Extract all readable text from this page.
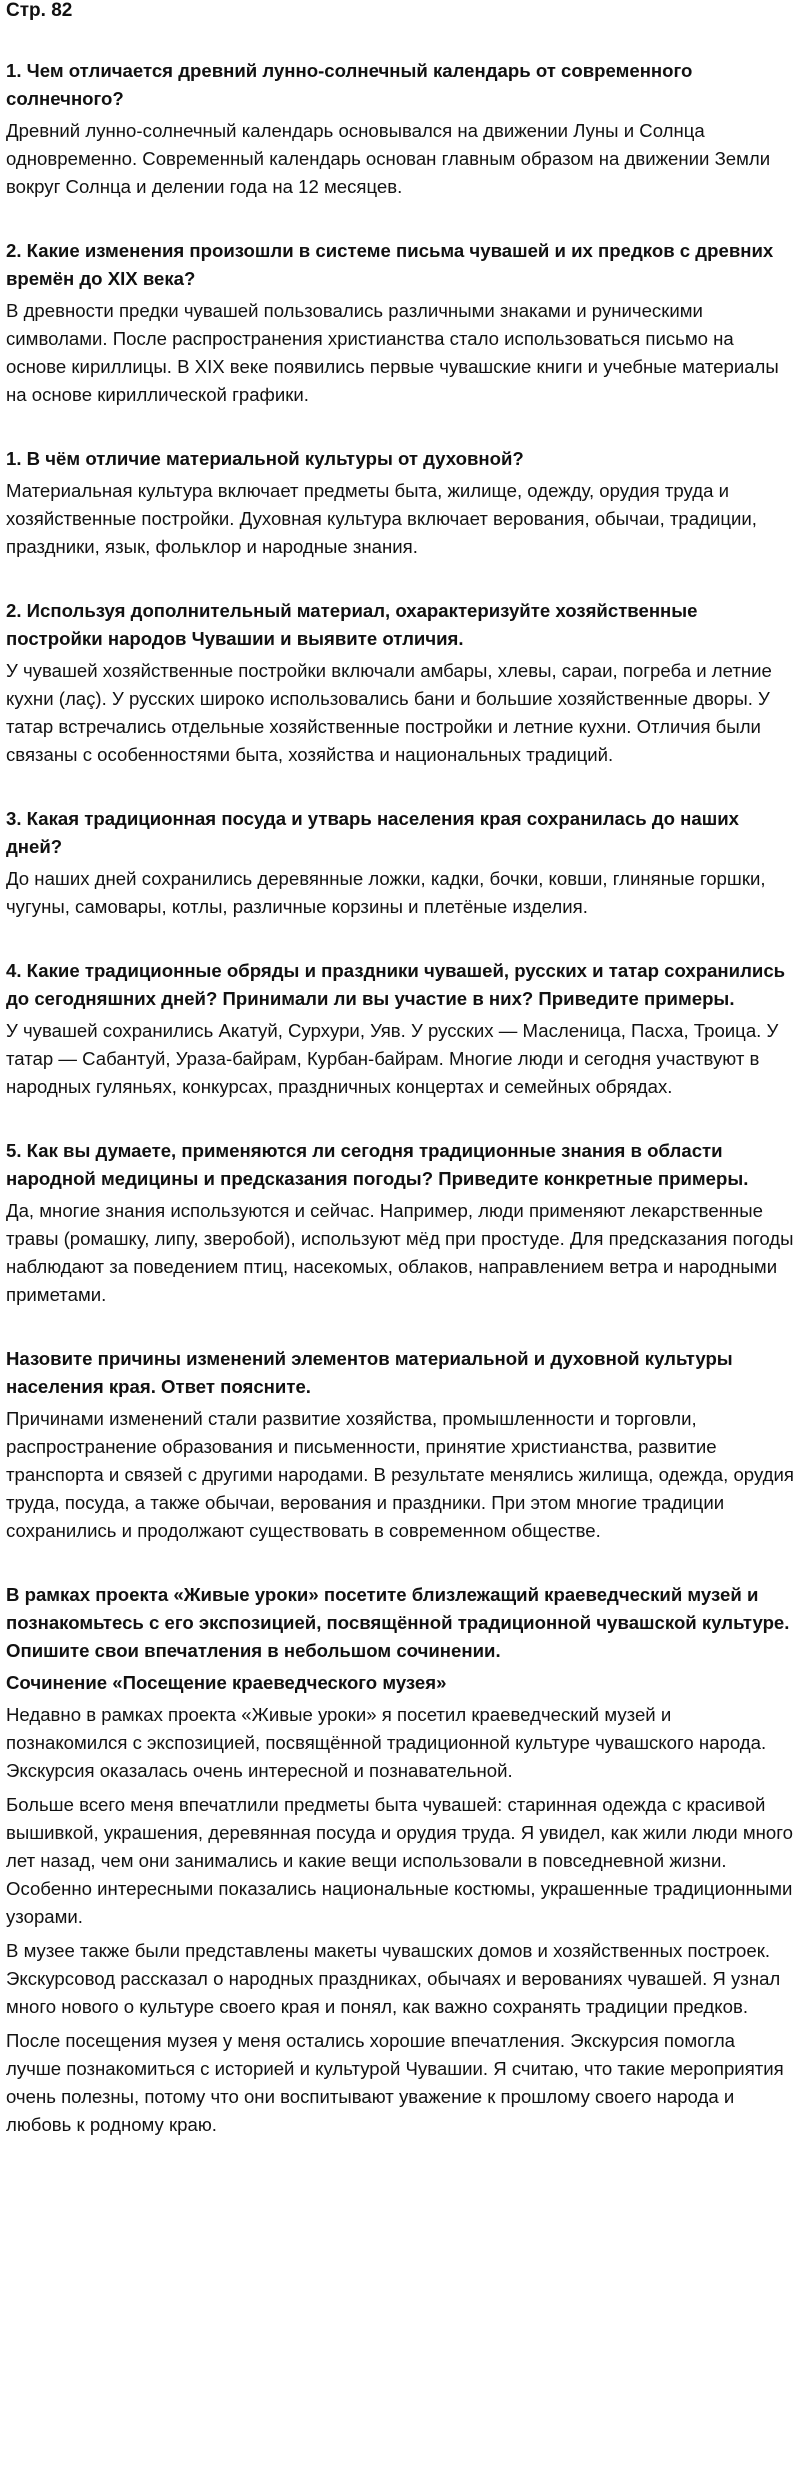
Стр. 82

1. Чем отличается древний лунно-солнечный календарь от современного солнечного?

Древний лунно-солнечный календарь основывался на движении Луны и Солнца одновременно. Современный календарь основан главным образом на движении Земли вокруг Солнца и делении года на 12 месяцев.

2. Какие изменения произошли в системе письма чувашей и их предков с древних времён до XIX века?

В древности предки чувашей пользовались различными знаками и руническими символами. После распространения христианства стало использоваться письмо на основе кириллицы. В XIX веке появились первые чувашские книги и учебные материалы на основе кириллической графики.

1. В чём отличие материальной культуры от духовной?

Материальная культура включает предметы быта, жилище, одежду, орудия труда и хозяйственные постройки. Духовная культура включает верования, обычаи, традиции, праздники, язык, фольклор и народные знания.

2. Используя дополнительный материал, охарактеризуйте хозяйственные постройки народов Чувашии и выявите отличия.

У чувашей хозяйственные постройки включали амбары, хлевы, сараи, погреба и летние кухни (лаç). У русских широко использовались бани и большие хозяйственные дворы. У татар встречались отдельные хозяйственные постройки и летние кухни. Отличия были связаны с особенностями быта, хозяйства и национальных традиций.

3. Какая традиционная посуда и утварь населения края сохранилась до наших дней?

До наших дней сохранились деревянные ложки, кадки, бочки, ковши, глиняные горшки, чугуны, самовары, котлы, различные корзины и плетёные изделия.

4. Какие традиционные обряды и праздники чувашей, русских и татар сохранились до сегодняшних дней? Принимали ли вы участие в них? Приведите примеры.

У чувашей сохранились Акатуй, Сурхури, Уяв. У русских — Масленица, Пасха, Троица. У татар — Сабантуй, Ураза-байрам, Курбан-байрам. Многие люди и сегодня участвуют в народных гуляньях, конкурсах, праздничных концертах и семейных обрядах.

5. Как вы думаете, применяются ли сегодня традиционные знания в области народной медицины и предсказания погоды? Приведите конкретные примеры.

Да, многие знания используются и сейчас. Например, люди применяют лекарственные травы (ромашку, липу, зверобой), используют мёд при простуде. Для предсказания погоды наблюдают за поведением птиц, насекомых, облаков, направлением ветра и народными приметами.

Назовите причины изменений элементов материальной и духовной культуры населения края. Ответ поясните.

Причинами изменений стали развитие хозяйства, промышленности и торговли, распространение образования и письменности, принятие христианства, развитие транспорта и связей с другими народами. В результате менялись жилища, одежда, орудия труда, посуда, а также обычаи, верования и праздники. При этом многие традиции сохранились и продолжают существовать в современном обществе.

В рамках проекта «Живые уроки» посетите близлежащий краеведческий музей и познакомьтесь с его экспозицией, посвящённой традиционной чувашской культуре. Опишите свои впечатления в небольшом сочинении.

Сочинение «Посещение краеведческого музея»

Недавно в рамках проекта «Живые уроки» я посетил краеведческий музей и познакомился с экспозицией, посвящённой традиционной культуре чувашского народа. Экскурсия оказалась очень интересной и познавательной.

Больше всего меня впечатлили предметы быта чувашей: старинная одежда с красивой вышивкой, украшения, деревянная посуда и орудия труда. Я увидел, как жили люди много лет назад, чем они занимались и какие вещи использовали в повседневной жизни. Особенно интересными показались национальные костюмы, украшенные традиционными узорами.

В музее также были представлены макеты чувашских домов и хозяйственных построек. Экскурсовод рассказал о народных праздниках, обычаях и верованиях чувашей. Я узнал много нового о культуре своего края и понял, как важно сохранять традиции предков.

После посещения музея у меня остались хорошие впечатления. Экскурсия помогла лучше познакомиться с историей и культурой Чувашии. Я считаю, что такие мероприятия очень полезны, потому что они воспитывают уважение к прошлому своего народа и любовь к родному краю.
